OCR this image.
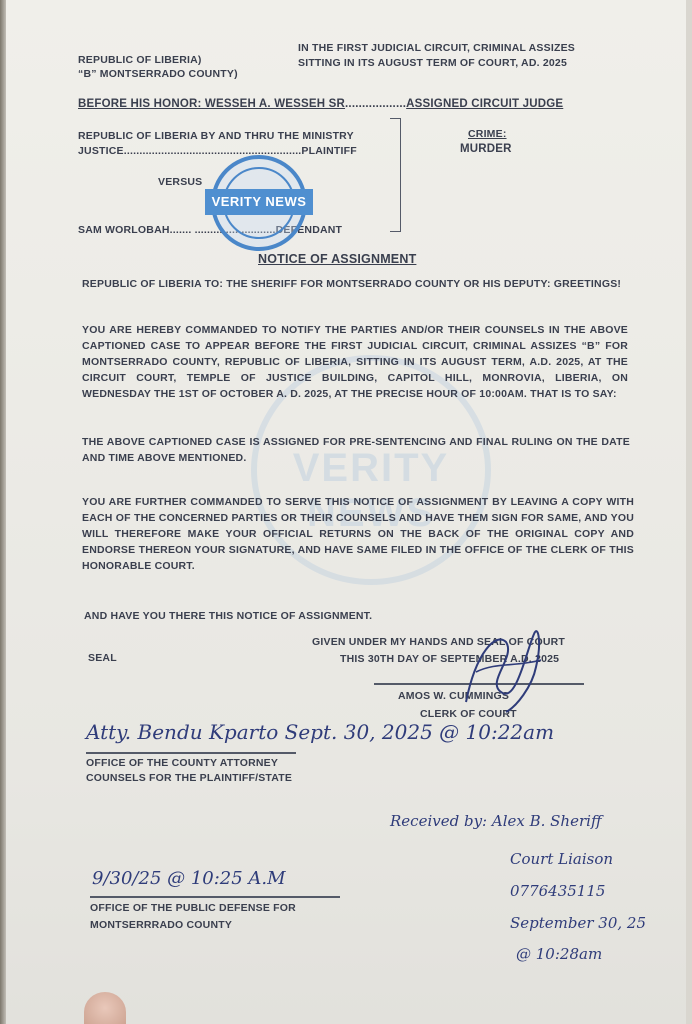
VERITY NEWS
REPUBLIC OF LIBERIA)
“B” MONTSERRADO COUNTY)
IN THE FIRST JUDICIAL CIRCUIT, CRIMINAL ASSIZES
SITTING IN ITS AUGUST TERM OF COURT, AD. 2025
BEFORE HIS HONOR: WESSEH A. WESSEH SR..................ASSIGNED CIRCUIT JUDGE
REPUBLIC OF LIBERIA BY AND THRU THE MINISTRY
JUSTICE.........................................................PLAINTIFF
VERSUS
SAM WORLOBAH....... ..........................DEFENDANT
CRIME:
MURDER
VERITY NEWS
NOTICE OF ASSIGNMENT
REPUBLIC OF LIBERIA TO: THE SHERIFF FOR MONTSERRADO COUNTY OR HIS DEPUTY: GREETINGS!
YOU ARE HEREBY COMMANDED TO NOTIFY THE PARTIES AND/OR THEIR COUNSELS IN THE ABOVE CAPTIONED CASE TO APPEAR BEFORE THE FIRST JUDICIAL CIRCUIT, CRIMINAL ASSIZES “B” FOR MONTSERRADO COUNTY, REPUBLIC OF LIBERIA, SITTING IN ITS AUGUST TERM, A.D. 2025, AT THE CIRCUIT COURT, TEMPLE OF JUSTICE BUILDING, CAPITOL HILL, MONROVIA, LIBERIA, ON WEDNESDAY THE 1ST OF OCTOBER A. D. 2025, AT THE PRECISE HOUR OF 10:00AM. THAT IS TO SAY:
THE ABOVE CAPTIONED CASE IS ASSIGNED FOR PRE-SENTENCING AND FINAL RULING ON THE DATE AND TIME ABOVE MENTIONED.
YOU ARE FURTHER COMMANDED TO SERVE THIS NOTICE OF ASSIGNMENT BY LEAVING A COPY WITH EACH OF THE CONCERNED PARTIES OR THEIR COUNSELS AND HAVE THEM SIGN FOR SAME, AND YOU WILL THEREFORE MAKE YOUR OFFICIAL RETURNS ON THE BACK OF THE ORIGINAL COPY AND ENDORSE THEREON YOUR SIGNATURE, AND HAVE SAME FILED IN THE OFFICE OF THE CLERK OF THIS HONORABLE COURT.
AND HAVE YOU THERE THIS NOTICE OF ASSIGNMENT.
SEAL
GIVEN UNDER MY HANDS AND SEAL OF COURT
THIS 30TH DAY OF SEPTEMBER A.D. 2025
AMOS W. CUMMINGS
CLERK OF COURT
Atty. Bendu Kparto Sept. 30, 2025 @ 10:22am
OFFICE OF THE COUNTY ATTORNEY
COUNSELS FOR THE PLAINTIFF/STATE
Received by: Alex B. Sheriff
Court Liaison
0776435115
September 30, 25
@ 10:28am
9/30/25 @ 10:25 A.M
OFFICE OF THE PUBLIC DEFENSE FOR
MONTSERRRADO COUNTY
